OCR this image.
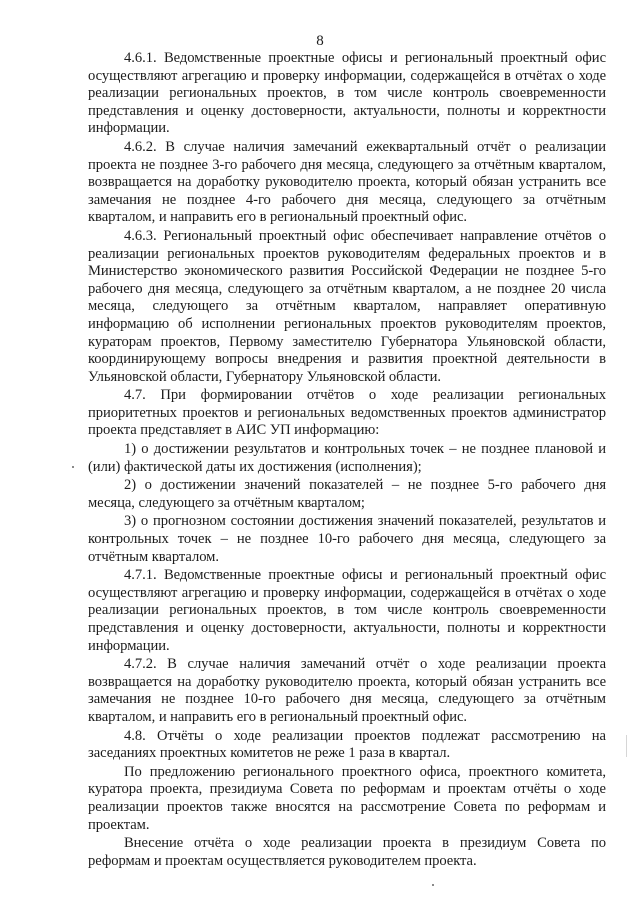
8

4.6.1. Ведомственные проектные офисы и региональный проектный офис осуществляют агрегацию и проверку информации, содержащейся в отчётах о ходе реализации региональных проектов, в том числе контроль своевременности представления и оценку достоверности, актуальности, полноты и корректности информации.

4.6.2. В случае наличия замечаний ежеквартальный отчёт о реализации проекта не позднее 3-го рабочего дня месяца, следующего за отчётным кварталом, возвращается на доработку руководителю проекта, который обязан устранить все замечания не позднее 4-го рабочего дня месяца, следующего за отчётным кварталом, и направить его в региональный проектный офис.

4.6.3. Региональный проектный офис обеспечивает направление отчётов о реализации региональных проектов руководителям федеральных проектов и в Министерство экономического развития Российской Федерации не позднее 5-го рабочего дня месяца, следующего за отчётным кварталом, а не позднее 20 числа месяца, следующего за отчётным кварталом, направляет оперативную информацию об исполнении региональных проектов руководителям проектов, кураторам проектов, Первому заместителю Губернатора Ульяновской области, координирующему вопросы внедрения и развития проектной деятельности в Ульяновской области, Губернатору Ульяновской области.

4.7. При формировании отчётов о ходе реализации региональных приоритетных проектов и региональных ведомственных проектов администратор проекта представляет в АИС УП информацию:

1) о достижении результатов и контрольных точек – не позднее плановой и (или) фактической даты их достижения (исполнения);

2) о достижении значений показателей – не позднее 5-го рабочего дня месяца, следующего за отчётным кварталом;

3) о прогнозном состоянии достижения значений показателей, результатов и контрольных точек – не позднее 10-го рабочего дня месяца, следующего за отчётным кварталом.

4.7.1. Ведомственные проектные офисы и региональный проектный офис осуществляют агрегацию и проверку информации, содержащейся в отчётах о ходе реализации региональных проектов, в том числе контроль своевременности представления и оценку достоверности, актуальности, полноты и корректности информации.

4.7.2. В случае наличия замечаний отчёт о ходе реализации проекта возвращается на доработку руководителю проекта, который обязан устранить все замечания не позднее 10-го рабочего дня месяца, следующего за отчётным кварталом, и направить его в региональный проектный офис.

4.8. Отчёты о ходе реализации проектов подлежат рассмотрению на заседаниях проектных комитетов не реже 1 раза в квартал.

По предложению регионального проектного офиса, проектного комитета, куратора проекта, президиума Совета по реформам и проектам отчёты о ходе реализации проектов также вносятся на рассмотрение Совета по реформам и проектам.

Внесение отчёта о ходе реализации проекта в президиум Совета по реформам и проектам осуществляется руководителем проекта.
